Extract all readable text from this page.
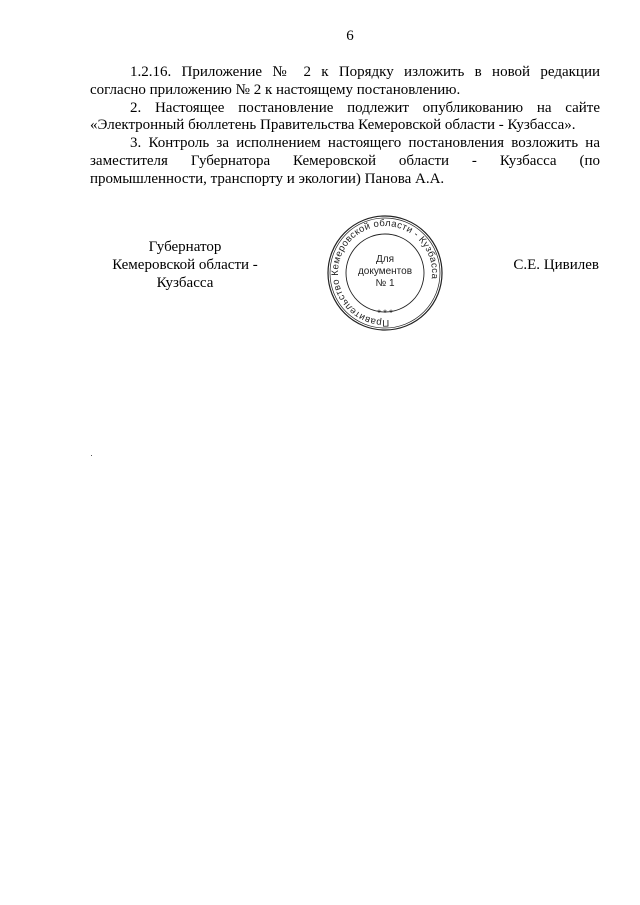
6

1.2.16. Приложение № 2 к Порядку изложить в новой редакции

согласно приложению № 2 к настоящему постановлению.

2. Настоящее постановление подлежит опубликованию на сайте

«Электронный бюллетень Правительства Кемеровской области - Кузбасса».

3. Контроль за исполнением настоящего постановления возложить на

заместителя Губернатора Кемеровской области - Кузбасса (по

промышленности, транспорту и экологии) Панова А.А.

Губернатор
Кемеровской области - Кузбасса
Правительство Кемеровской области - Кузбасса
* * *
Для
документов
№ 1
С.Е. Цивилев
